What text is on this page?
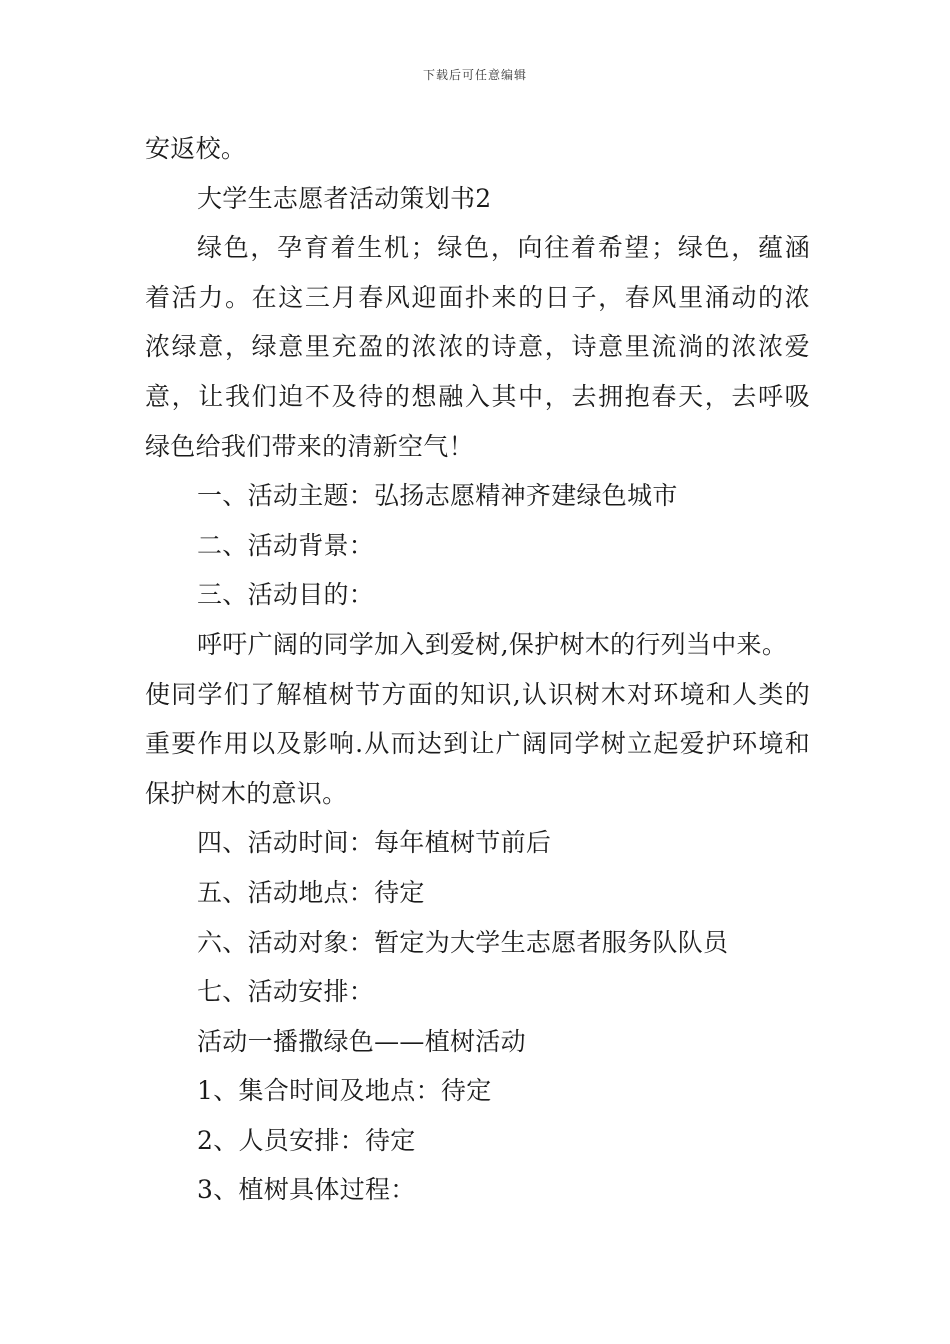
下载后可任意编辑
安返校。
大学生志愿者活动策划书2
绿色，孕育着生机；绿色，向往着希望；绿色，蕴涵
着活力。在这三月春风迎面扑来的日子，春风里涌动的浓
浓绿意，绿意里充盈的浓浓的诗意，诗意里流淌的浓浓爱
意，让我们迫不及待的想融入其中，去拥抱春天，去呼吸
绿色给我们带来的清新空气！
一、活动主题：弘扬志愿精神齐建绿色城市
二、活动背景：
三、活动目的：
呼吁广阔的同学加入到爱树,保护树木的行列当中来。
使同学们了解植树节方面的知识,认识树木对环境和人类的
重要作用以及影响.从而达到让广阔同学树立起爱护环境和
保护树木的意识。
四、活动时间：每年植树节前后
五、活动地点：待定
六、活动对象：暂定为大学生志愿者服务队队员
七、活动安排：
活动一播撒绿色——植树活动
1、集合时间及地点：待定
2、人员安排：待定
3、植树具体过程：
